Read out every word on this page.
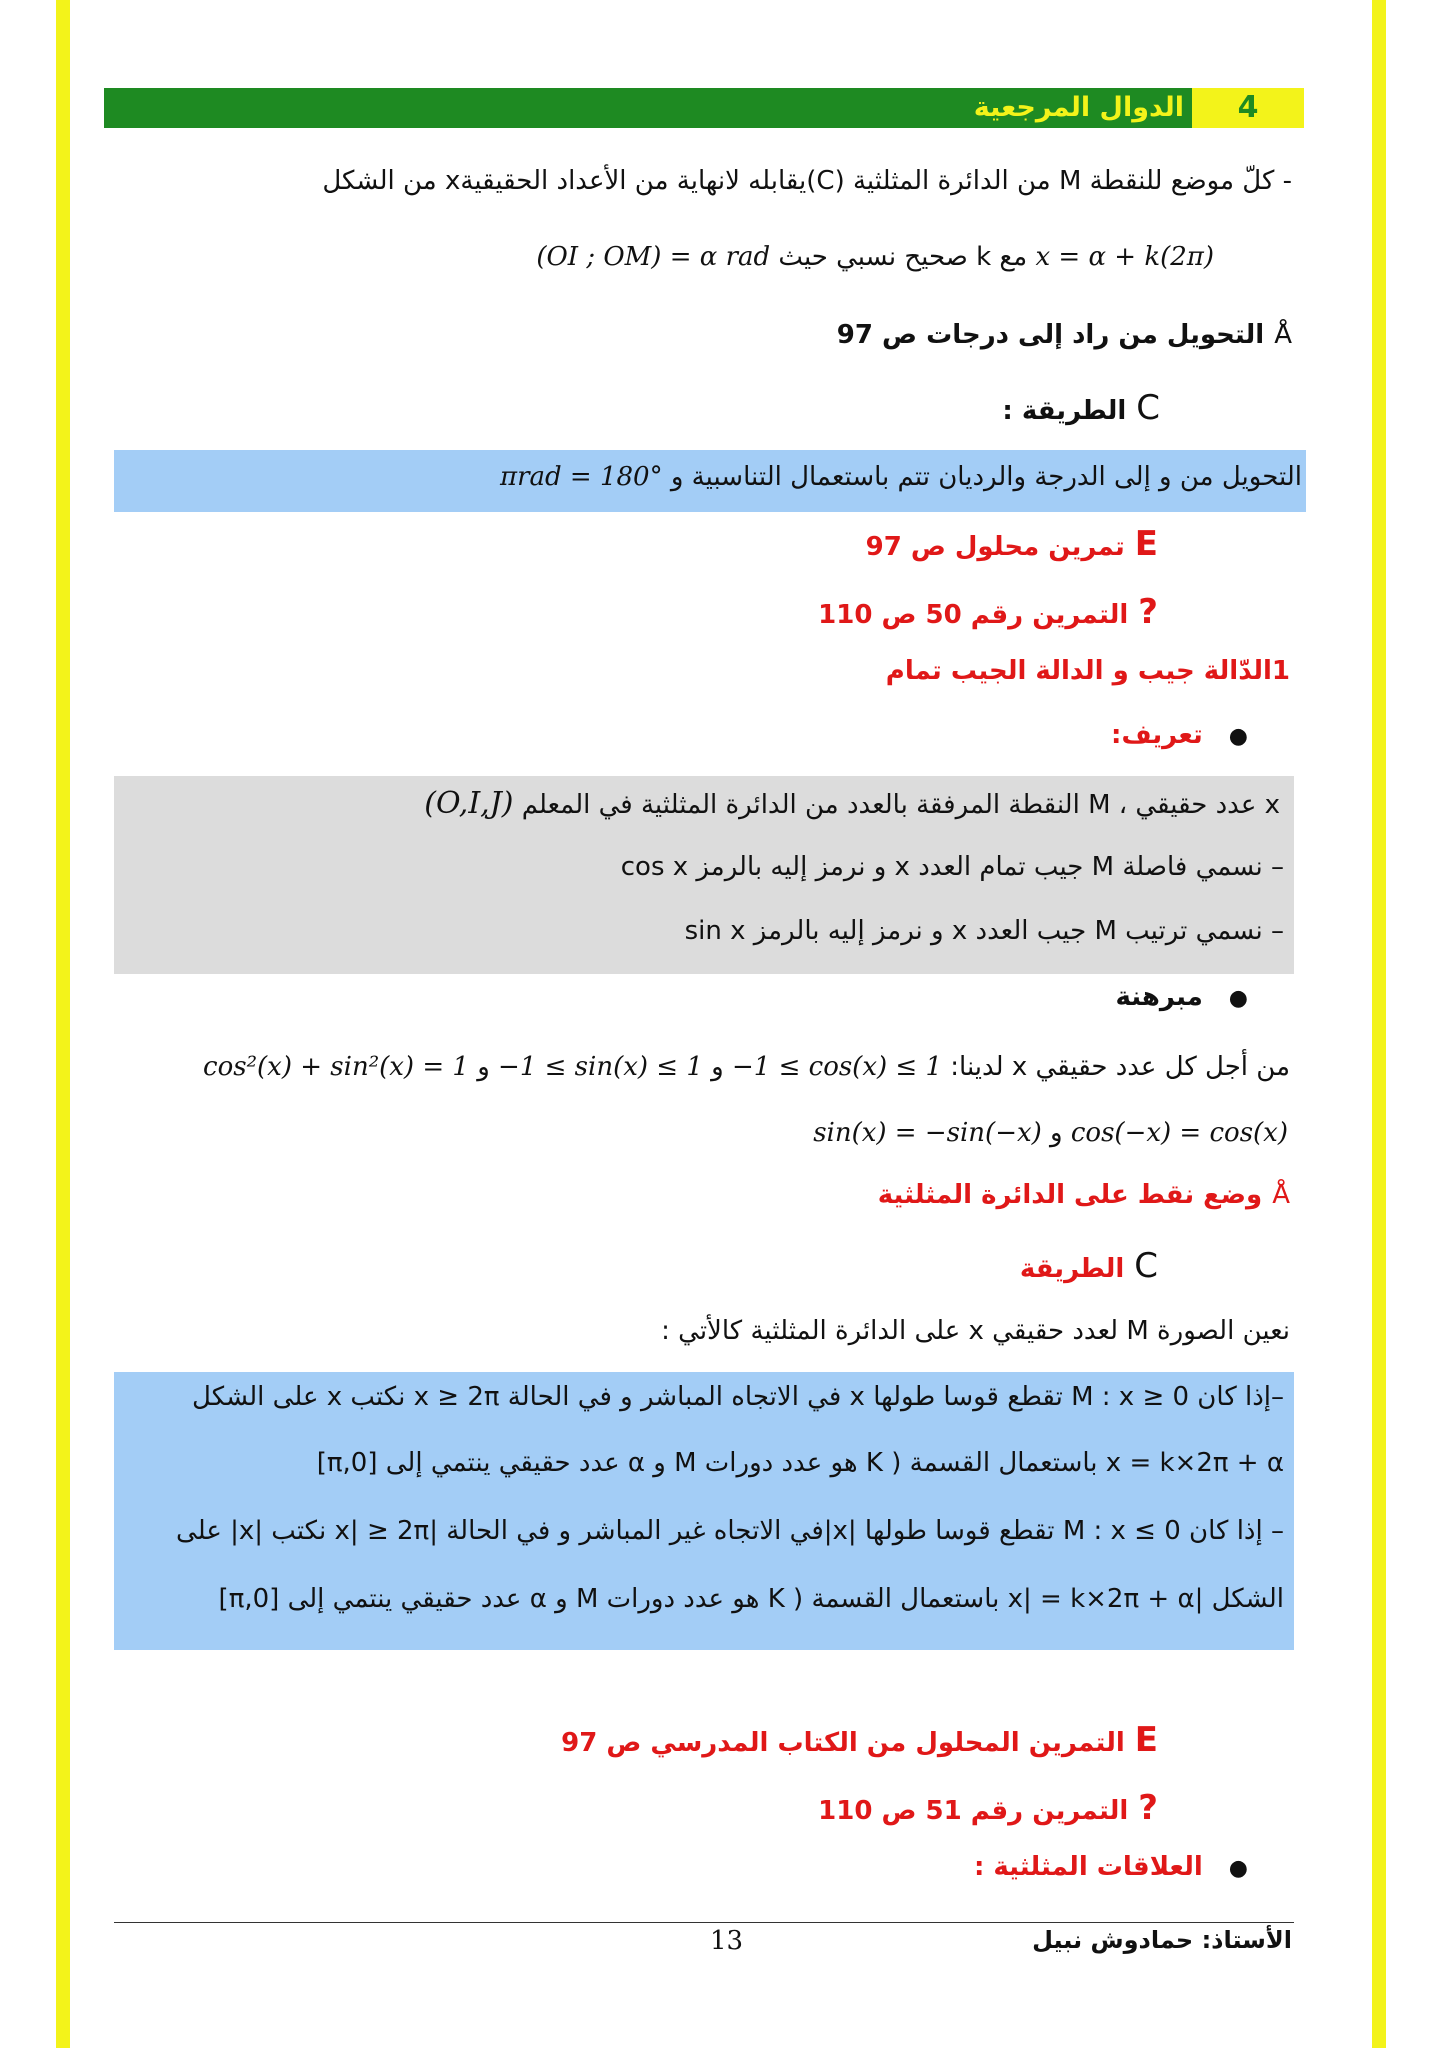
4
الدوال المرجعية
- كلّ موضع للنقطة M من الدائرة المثلثية (C)يقابله لانهاية من الأعداد الحقيقيةx من الشكل
x = α + k(2π) مع k صحيح نسبي حيث (OI ; OM) = α rad
Åالتحويل من راد إلى درجات ص 97
Cالطريقة :
التحويل من و إلى الدرجة والرديان تتم باستعمال التناسبية و πrad = 180°
Eتمرين محلول ص 97
?التمرين رقم 50 ص 110
1الدّالة جيب و الدالة الجيب تمام
●تعريف:
x عدد حقيقي ، M النقطة المرفقة بالعدد من الدائرة المثلثية في المعلم (O,I,J)
– نسمي فاصلة M جيب تمام العدد x و نرمز إليه بالرمز cos x
– نسمي ترتيب M جيب العدد x و نرمز إليه بالرمز sin x
●مبرهنة
من أجل كل عدد حقيقي x لدينا: −1 ≤ cos(x) ≤ 1 و −1 ≤ sin(x) ≤ 1 و cos²(x) + sin²(x) = 1
cos(−x) = cos(x) و sin(x) = −sin(−x)
Åوضع نقط على الدائرة المثلثية
Cالطريقة
نعين الصورة M لعدد حقيقي x على الدائرة المثلثية كالأتي :
–إذا كان M : x ≥ 0 تقطع قوسا طولها x في الاتجاه المباشر و في الحالة x ≥ 2π نكتب x على الشكل
x = k×2π + α باستعمال القسمة ( K هو عدد دورات M و α عدد حقيقي ينتمي إلى [0,π]
– إذا كان M : x ≤ 0 تقطع قوسا طولها |x|في الاتجاه غير المباشر و في الحالة |x| ≥ 2π نكتب |x| على
الشكل |x| = k×2π + α باستعمال القسمة ( K هو عدد دورات M و α عدد حقيقي ينتمي إلى [0,π]
Eالتمرين المحلول من الكتاب المدرسي ص 97
?التمرين رقم 51 ص 110
●العلاقات المثلثية :
الأستاذ: حمادوش نبيل
13
